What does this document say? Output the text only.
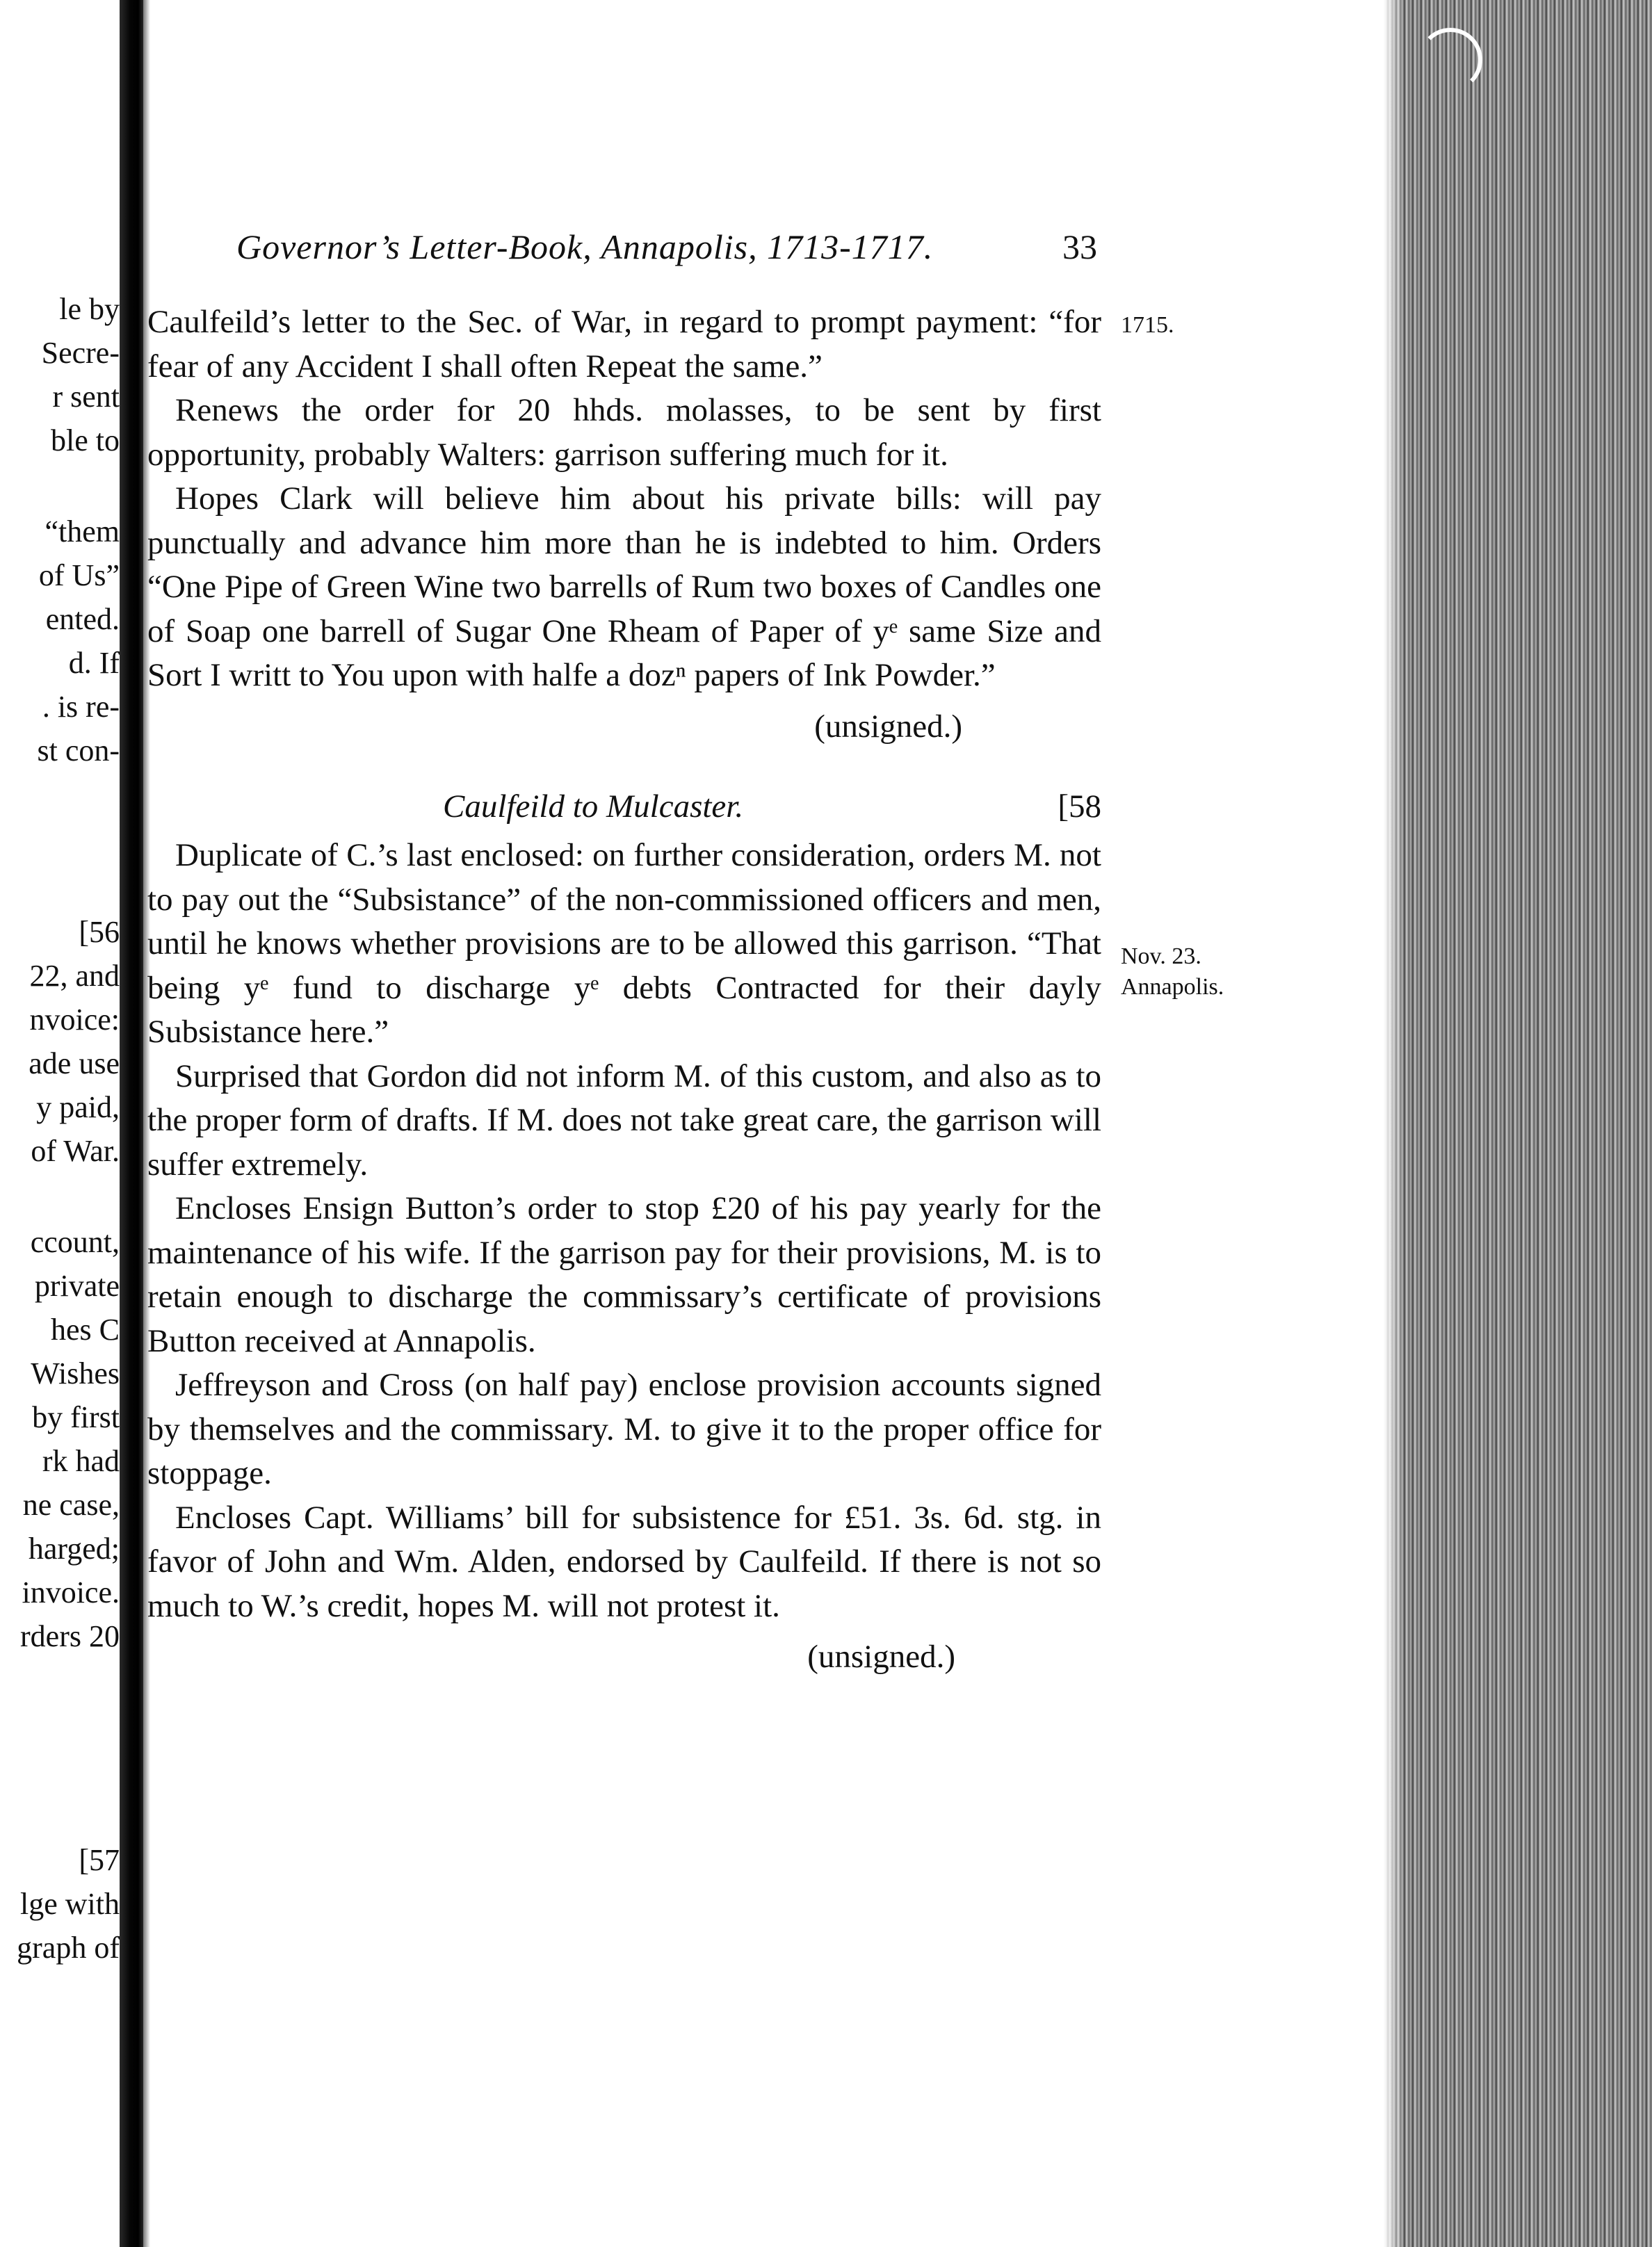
le by
Secre-
r sent
ble to
“them
of Us”
ented.
d. If
. is re-
st con-
[56
22, and
nvoice:
ade use
y paid,
of War.
ccount,
private
hes C
Wishes
by first
rk had
ne case,
harged;
invoice.
rders 20
[57
lge with
graph of
Governor’s Letter-Book, Annapolis, 1713-1717.	33
1715.
Nov. 23.
Annapolis.

Caulfeild’s letter to the Sec. of War, in regard to prompt payment: “for fear of any Accident I shall often Repeat the same.”

Renews the order for 20 hhds. molasses, to be sent by first opportunity, probably Walters: garrison suffering much for it.

Hopes Clark will believe him about his private bills: will pay punctually and advance him more than he is indebted to him. Orders “One Pipe of Green Wine two barrells of Rum two boxes of Candles one of Soap one barrell of Sugar One Rheam of Paper of yᵉ same Size and Sort I writt to You upon with halfe a dozⁿ papers of Ink Powder.”

(unsigned.)
Caulfeild to Mulcaster.	[58

Duplicate of C.’s last enclosed: on further consideration, orders M. not to pay out the “Subsistance” of the non-commissioned officers and men, until he knows whether provisions are to be allowed this garrison. “That being yᵉ fund to discharge yᵉ debts Contracted for their dayly Subsistance here.”

Surprised that Gordon did not inform M. of this custom, and also as to the proper form of drafts. If M. does not take great care, the garrison will suffer extremely.

Encloses Ensign Button’s order to stop £20 of his pay yearly for the maintenance of his wife. If the garrison pay for their provisions, M. is to retain enough to discharge the commissary’s certificate of provisions Button received at Annapolis.

Jeffreyson and Cross (on half pay) enclose provision accounts signed by themselves and the commissary. M. to give it to the proper office for stoppage.

Encloses Capt. Williams’ bill for subsistence for £51. 3s. 6d. stg. in favor of John and Wm. Alden, endorsed by Caulfeild. If there is not so much to W.’s credit, hopes M. will not protest it.

(unsigned.)
